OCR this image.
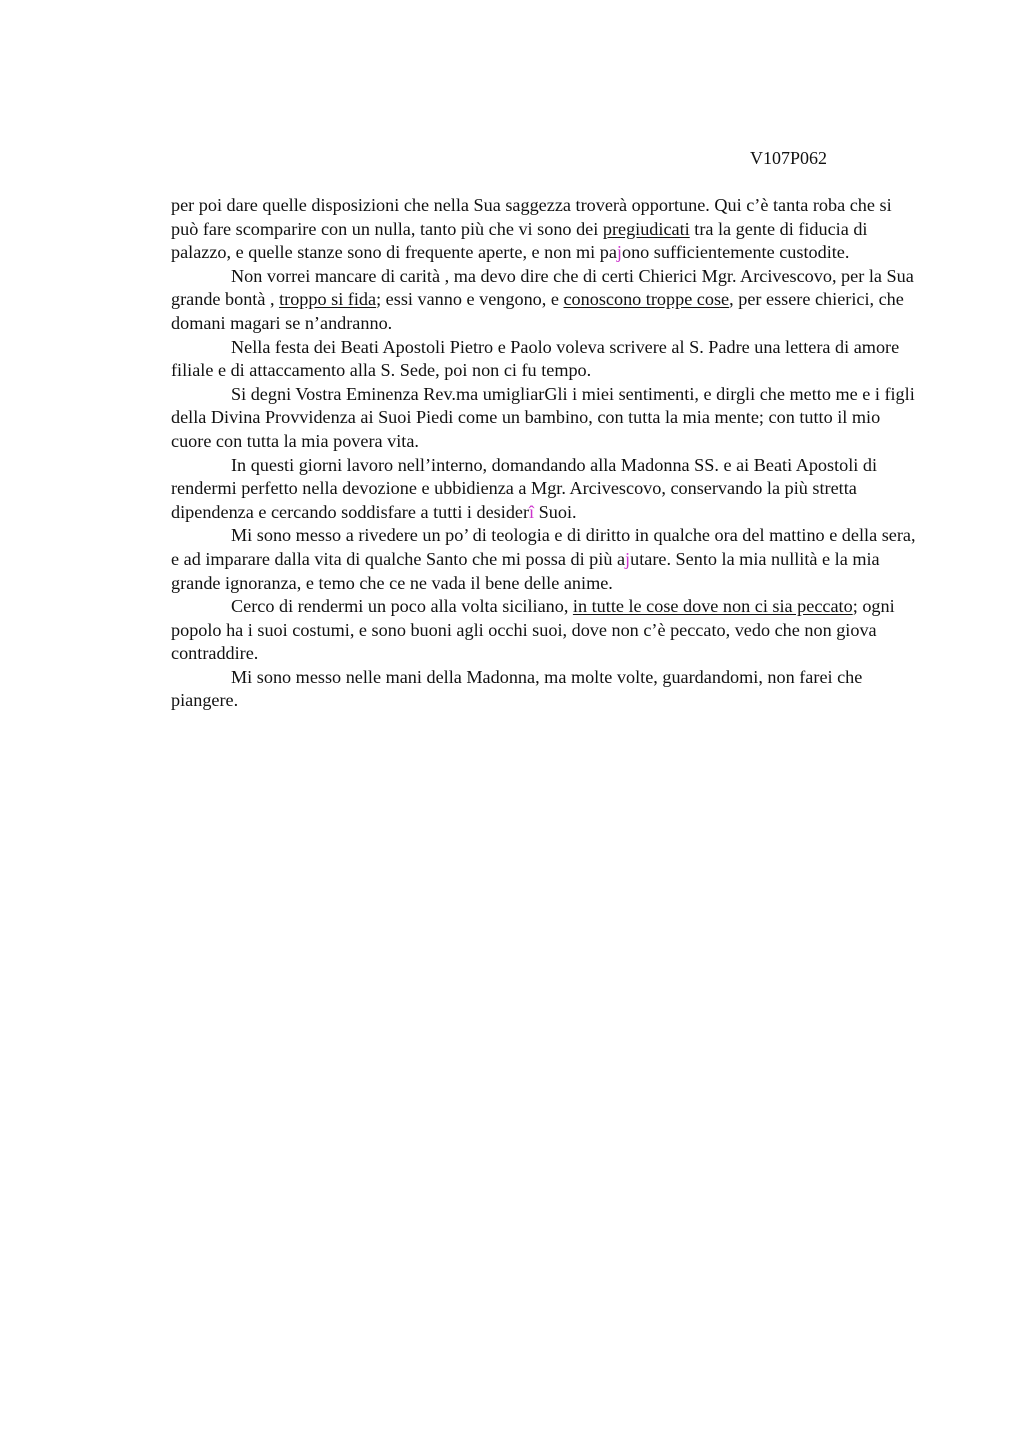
V107P062

per poi dare quelle disposizioni che nella Sua saggezza troverà opportune. Qui c’è tanta roba che si può fare scomparire con un nulla, tanto più che vi sono dei pregiudicati tra la gente di fiducia di palazzo, e quelle stanze sono di frequente aperte, e non mi pajono sufficientemente custodite.

Non vorrei mancare di carità , ma devo dire che di certi Chierici Mgr. Arcivescovo, per la Sua grande bontà , troppo si fida; essi vanno e vengono, e conoscono troppe cose, per essere chierici, che domani magari se n’andranno.

Nella festa dei Beati Apostoli Pietro e Paolo voleva scrivere al S. Padre una lettera di amore filiale e di attaccamento alla S. Sede, poi non ci fu tempo.

Si degni Vostra Eminenza Rev.ma umigliarGli i miei sentimenti, e dirgli che metto me e i figli della Divina Provvidenza ai Suoi Piedi come un bambino, con tutta la mia mente; con tutto il mio cuore con tutta la mia povera vita.

In questi giorni lavoro nell’interno, domandando alla Madonna SS. e ai Beati Apostoli di rendermi perfetto nella devozione e ubbidienza a Mgr. Arcivescovo, conservando la più stretta dipendenza e cercando soddisfare a tutti i desiderî Suoi.

Mi sono messo a rivedere un po’ di teologia e di diritto in qualche ora del mattino e della sera, e ad imparare dalla vita di qualche Santo che mi possa di più ajutare. Sento la mia nullità e la mia grande ignoranza, e temo che ce ne vada il bene delle anime.

Cerco di rendermi un poco alla volta siciliano, in tutte le cose dove non ci sia peccato; ogni popolo ha i suoi costumi, e sono buoni agli occhi suoi, dove non c’è peccato, vedo che non giova contraddire.

Mi sono messo nelle mani della Madonna, ma molte volte, guardandomi, non farei che piangere.
